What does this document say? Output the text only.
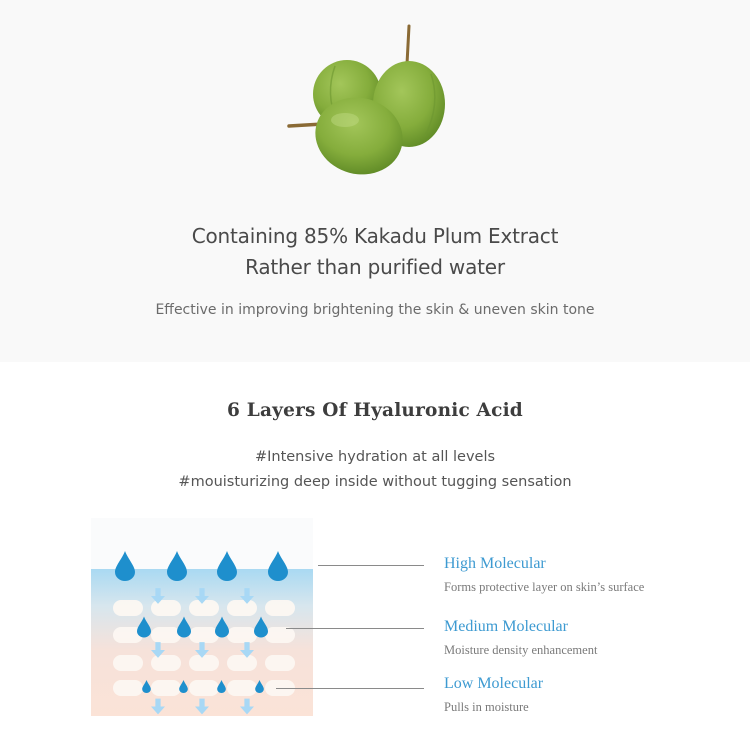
Containing 85% Kakadu Plum Extract
Rather than purified water
Effective in improving brightening the skin & uneven skin tone
6 Layers Of Hyaluronic Acid
#Intensive hydration at all levels
#mouisturizing deep inside without tugging sensation
High Molecular
Forms protective layer on skin’s surface
Medium Molecular
Moisture density enhancement
Low Molecular
Pulls in moisture
